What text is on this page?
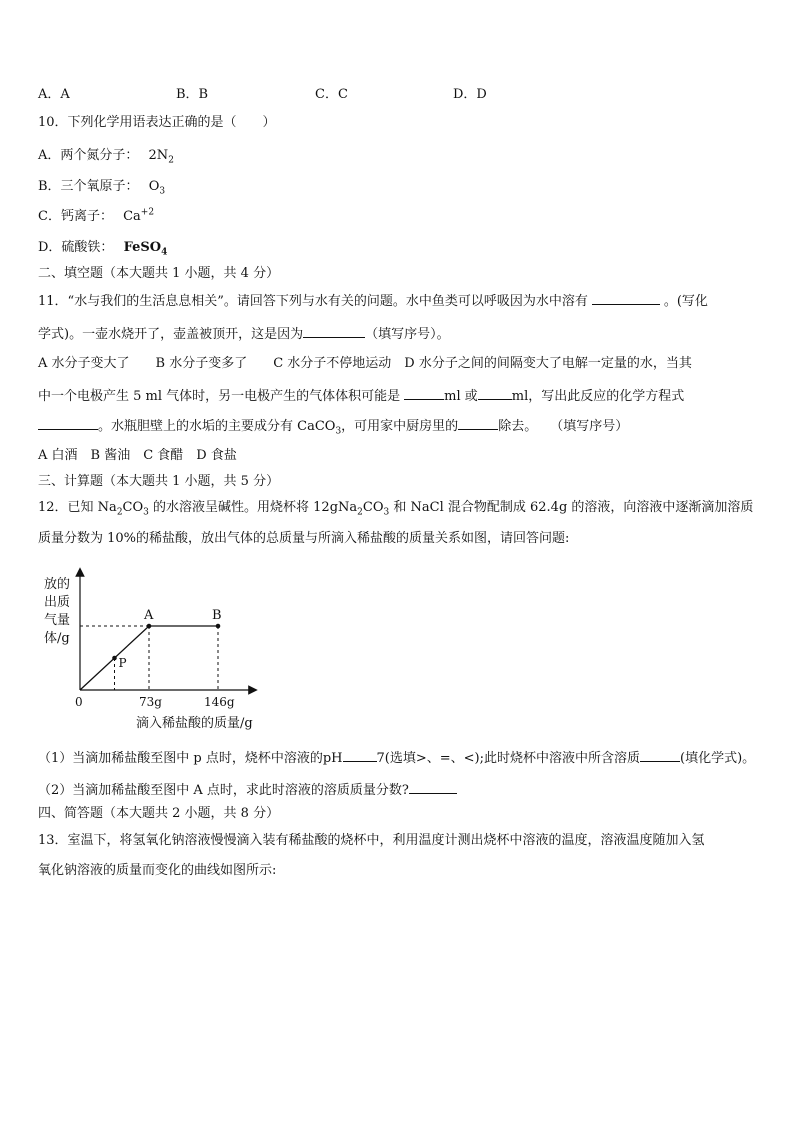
A．A	B．B	C．C	D．D
10．下列化学用语表达正确的是（　　）
A．两个氮分子： $2N_2$
B．三个氧原子： $O_3$
C．钙离子： $Ca^{+2}$
D．硫酸铁： FeSO$_4$
二、填空题（本大题共 1 小题，共 4 分）
11．“水与我们的生活息息相关”。请回答下列与水有关的问题。水中鱼类可以呼吸因为水中溶有	。(写化
学式)。一壶水烧开了，壶盖被顶开，这是因为	（填写序号）。
A 水分子变大了　　B 水分子变多了　　C 水分子不停地运动　D 水分子之间的间隔变大了电解一定量的水，当其
中一个电极产生 5 ml 气体时，另一电极产生的气体体积可能是	ml 或	ml，写出此反应的化学方程式
。水瓶胆壁上的水垢的主要成分有 CaCO$_3$，可用家中厨房里的	除去。　　（填写序号）
A 白酒　B 酱油　C 食醋　D 食盐
三、计算题（本大题共 1 小题，共 5 分）
12．已知 $Na_2CO_3$ 的水溶液呈碱性。用烧杯将 $12gNa_2CO_3$ 和 NaCl 混合物配制成 62.4g 的溶液，向溶液中逐渐滴加溶质
质量分数为 10%的稀盐酸，放出气体的总质量与所滴入稀盐酸的质量关系如图，请回答问题:
P
A	B
放的
出质
气量
体/g
0	73g	146g
滴入稀盐酸的质量/g
（1）当滴加稀盐酸至图中 p 点时，烧杯中溶液的pH	7(选填>、=、<);此时烧杯中溶液中所含溶质	(填化学式)。
（2）当滴加稀盐酸至图中 A 点时，求此时溶液的溶质质量分数?
四、简答题（本大题共 2 小题，共 8 分）
13．室温下，将氢氧化钠溶液慢慢滴入装有稀盐酸的烧杯中，利用温度计测出烧杯中溶液的温度，溶液温度随加入氢
氧化钠溶液的质量而变化的曲线如图所示:
